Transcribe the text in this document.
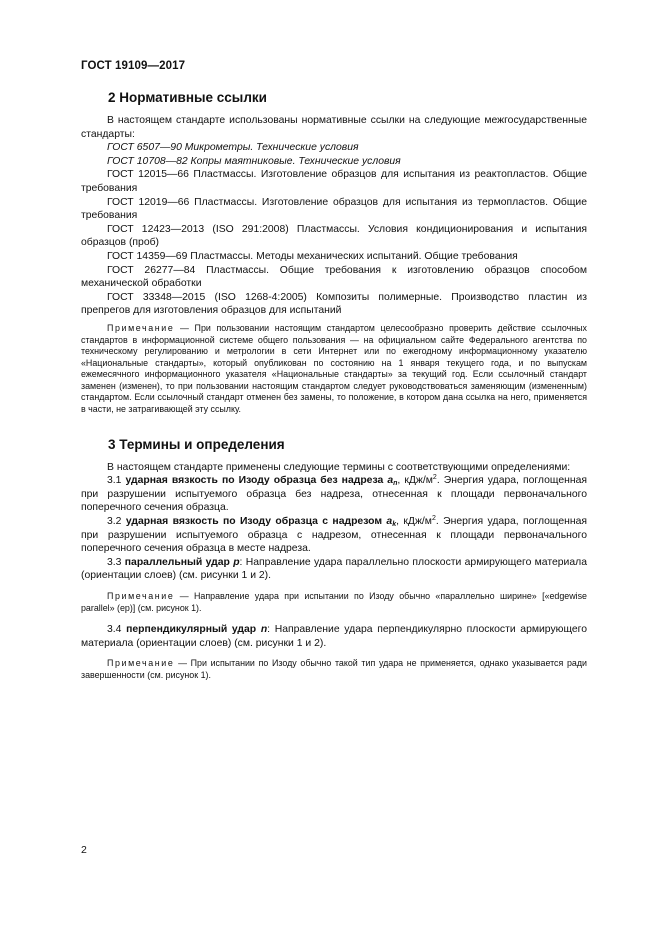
ГОСТ 19109—2017
2 Нормативные ссылки

В настоящем стандарте использованы нормативные ссылки на следующие межгосударственные стандарты:

ГОСТ 6507—90 Микрометры. Технические условия

ГОСТ 10708—82 Копры маятниковые. Технические условия

ГОСТ 12015—66 Пластмассы. Изготовление образцов для испытания из реактопластов. Общие требования

ГОСТ 12019—66 Пластмассы. Изготовление образцов для испытания из термопластов. Общие требования

ГОСТ 12423—2013 (ISO 291:2008) Пластмассы. Условия кондиционирования и испытания образцов (проб)

ГОСТ 14359—69 Пластмассы. Методы механических испытаний. Общие требования

ГОСТ 26277—84 Пластмассы. Общие требования к изготовлению образцов способом механической обработки

ГОСТ 33348—2015 (ISO 1268-4:2005) Композиты полимерные. Производство пластин из препрегов для изготовления образцов для испытаний

Примечание — При пользовании настоящим стандартом целесообразно проверить действие ссылочных стандартов в информационной системе общего пользования — на официальном сайте Федерального агентства по техническому регулированию и метрологии в сети Интернет или по ежегодному информационному указателю «Национальные стандарты», который опубликован по состоянию на 1 января текущего года, и по выпускам ежемесячного информационного указателя «Национальные стандарты» за текущий год. Если ссылочный стандарт заменен (изменен), то при пользовании настоящим стандартом следует руководствоваться заменяющим (измененным) стандартом. Если ссылочный стандарт отменен без замены, то положение, в котором дана ссылка на него, применяется в части, не затрагивающей эту ссылку.

3 Термины и определения

В настоящем стандарте применены следующие термины с соответствующими определениями:

3.1 ударная вязкость по Изоду образца без надреза $a_n$, кДж/$м^2$. Энергия удара, поглощенная при разрушении испытуемого образца без надреза, отнесенная к площади первоначального поперечного сечения образца.

3.2 ударная вязкость по Изоду образца с надрезом $a_k$, кДж/$м^2$. Энергия удара, поглощенная при разрушении испытуемого образца с надрезом, отнесенная к площади первоначального поперечного сечения образца в месте надреза.

3.3 параллельный удар p: Направление удара параллельно плоскости армирующего материала (ориентации слоев) (см. рисунки 1 и 2).

Примечание — Направление удара при испытании по Изоду обычно «параллельно ширине» [«edgewise parallel» (ep)] (см. рисунок 1).

3.4 перпендикулярный удар n: Направление удара перпендикулярно плоскости армирующего материала (ориентации слоев) (см. рисунки 1 и 2).

Примечание — При испытании по Изоду обычно такой тип удара не применяется, однако указывается ради завершенности (см. рисунок 1).

2
